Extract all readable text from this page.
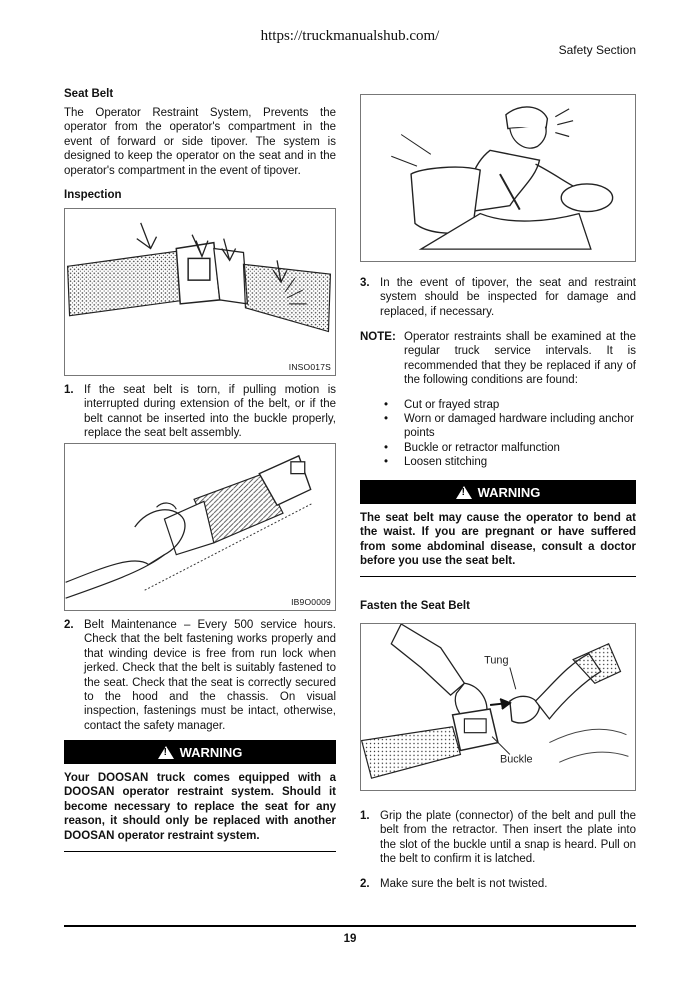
https://truckmanualshub.com/
Safety Section
Seat Belt
The Operator Restraint System, Prevents the operator from the operator's compartment in the event of forward or side tipover. The system is designed to keep the operator on the seat and in the operator's compartment in the event of tipover.
Inspection
INSO017S
1. If the seat belt is torn, if pulling motion is interrupted during extension of the belt, or if the belt cannot be inserted into the buckle properly, replace the seat belt assembly.
IB9O0009
2. Belt Maintenance – Every 500 service hours. Check that the belt fastening works properly and that winding device is free from run lock when jerked. Check that the belt is suitably fastened to the seat. Check that the seat is correctly secured to the hood and the chassis. On visual inspection, fastenings must be intact, otherwise, contact the safety manager.
!
WARNING
Your DOOSAN truck comes equipped with a DOOSAN operator restraint system. Should it become necessary to replace the seat for any reason, it should only be replaced with another DOOSAN operator restraint system.
3. In the event of tipover, the seat and restraint system should be inspected for damage and replaced, if necessary.
NOTE: Operator restraints shall be examined at the regular truck service intervals. It is recommended that they be replaced if any of the following conditions are found:
•	Cut or frayed strap
•	Worn or damaged hardware including anchor points
•	Buckle or retractor malfunction
•	Loosen stitching
!
WARNING
The seat belt may cause the operator to bend at the waist. If you are pregnant or have suffered from some abdominal disease, consult a doctor before you use the seat belt.
Fasten the Seat Belt
Tung
Buckle
1. Grip the plate (connector) of the belt and pull the belt from the retractor. Then insert the plate into the slot of the buckle until a snap is heard. Pull on the belt to confirm it is latched.
2. Make sure the belt is not twisted.
19
